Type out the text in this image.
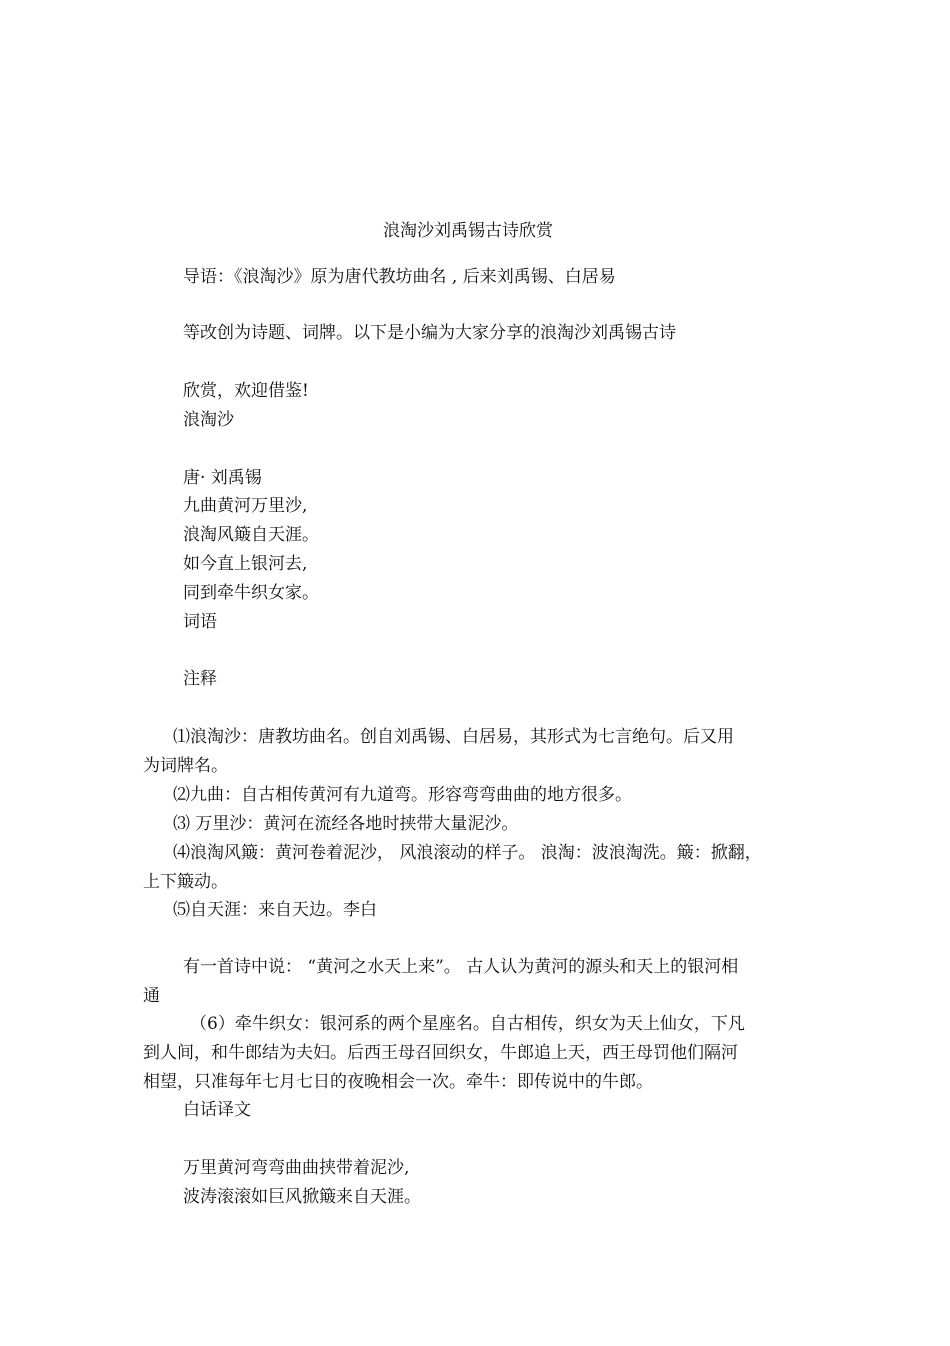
浪淘沙刘禹锡古诗欣赏
导语：《浪淘沙》原为唐代教坊曲名 , 后来刘禹锡、白居易
等改创为诗题、词牌。以下是小编为大家分享的浪淘沙刘禹锡古诗
欣赏，欢迎借鉴!
浪淘沙
唐· 刘禹锡
九曲黄河万里沙,
浪淘风簸自天涯。
如今直上银河去,
同到牵牛织女家。
词语
注释
⑴浪淘沙：唐教坊曲名。创自刘禹锡、白居易，其形式为七言绝句。后又用
为词牌名。
⑵九曲：自古相传黄河有九道弯。形容弯弯曲曲的地方很多。
⑶ 万里沙：黄河在流经各地时挟带大量泥沙。
⑷浪淘风簸：黄河卷着泥沙， 风浪滚动的样子。 浪淘：波浪淘洗。簸：掀翻，
上下簸动。
⑸自天涯：来自天边。李白
有一首诗中说： “黄河之水天上来”。 古人认为黄河的源头和天上的银河相
通
（6）牵牛织女：银河系的两个星座名。自古相传，织女为天上仙女，下凡
到人间，和牛郎结为夫妇。后西王母召回织女，牛郎追上天，西王母罚他们隔河
相望，只准每年七月七日的夜晚相会一次。牵牛：即传说中的牛郎。
白话译文
万里黄河弯弯曲曲挟带着泥沙,
波涛滚滚如巨风掀簸来自天涯。
